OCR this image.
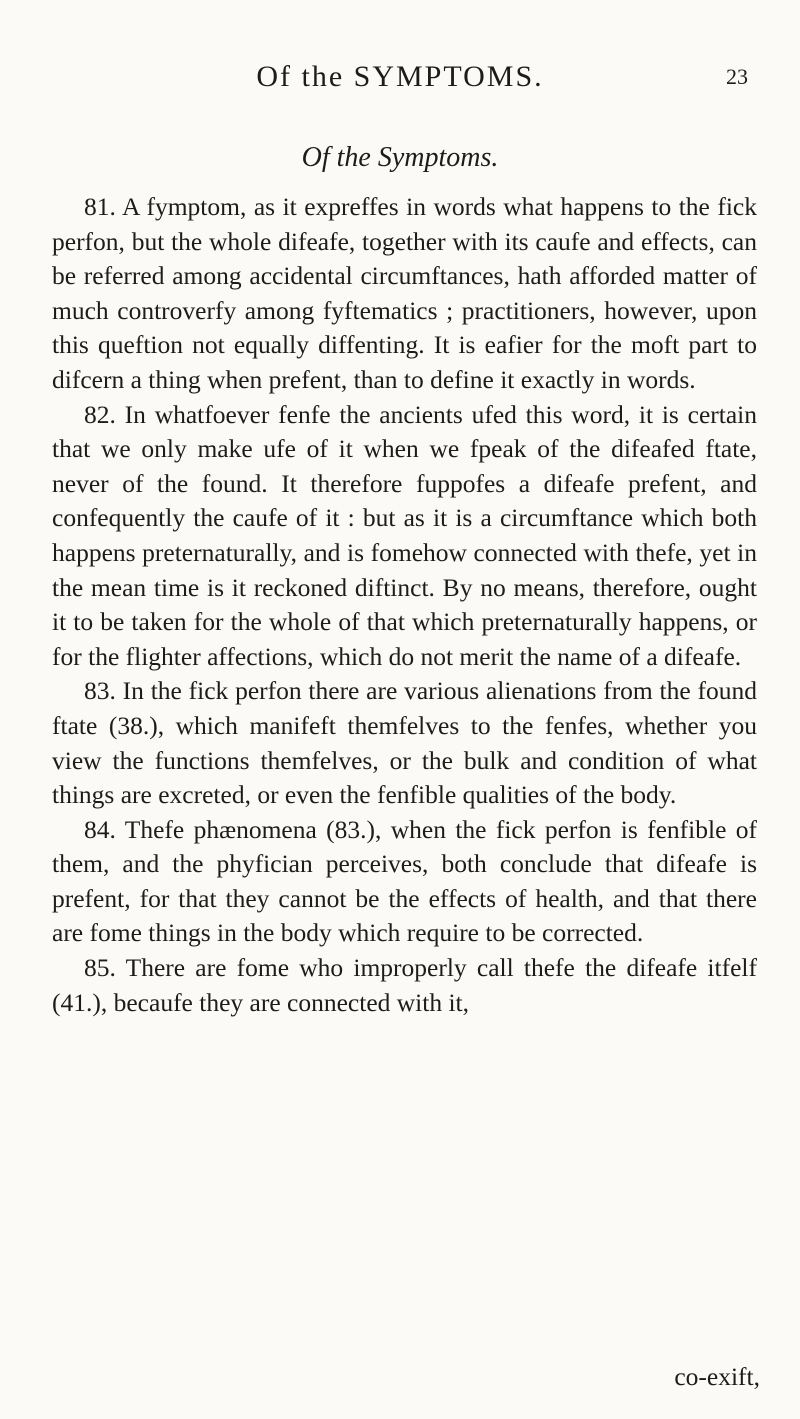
Of the SYMPTOMS.	23
Of the Symptoms.

81. A fymptom, as it expreffes in words what happens to the fick perfon, but the whole difeafe, together with its caufe and effects, can be referred among accidental circumftances, hath afforded matter of much controverfy among fyftematics ; practitioners, however, upon this queftion not equally diffenting. It is eafier for the moft part to difcern a thing when prefent, than to define it exactly in words.

82. In whatfoever fenfe the ancients ufed this word, it is certain that we only make ufe of it when we fpeak of the difeafed ftate, never of the found. It therefore fuppofes a difeafe prefent, and confequently the caufe of it : but as it is a circumftance which both happens preternaturally, and is fomehow connected with thefe, yet in the mean time is it reckoned diftinct. By no means, therefore, ought it to be taken for the whole of that which preternaturally happens, or for the flighter affections, which do not merit the name of a difeafe.

83. In the fick perfon there are various alienations from the found ftate (38.), which manifeft themfelves to the fenfes, whether you view the functions themfelves, or the bulk and condition of what things are excreted, or even the fenfible qualities of the body.

84. Thefe phænomena (83.), when the fick perfon is fenfible of them, and the phyfician perceives, both conclude that difeafe is prefent, for that they cannot be the effects of health, and that there are fome things in the body which require to be corrected.

85. There are fome who improperly call thefe the difeafe itfelf (41.), becaufe they are connected with it,

co-exift,
